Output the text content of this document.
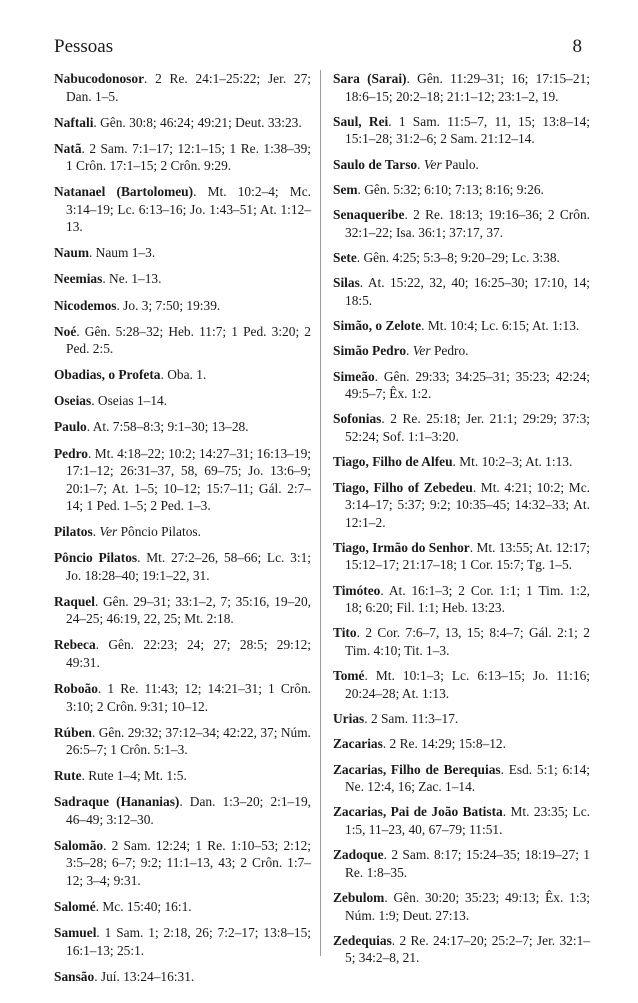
Pessoas	8
Nabucodonosor. 2 Re. 24:1–25:22; Jer. 27; Dan. 1–5.
Naftali. Gên. 30:8; 46:24; 49:21; Deut. 33:23.
Natã. 2 Sam. 7:1–17; 12:1–15; 1 Re. 1:38–39; 1 Crôn. 17:1–15; 2 Crôn. 9:29.
Natanael (Bartolomeu). Mt. 10:2–4; Mc. 3:14–19; Lc. 6:13–16; Jo. 1:43–51; At. 1:12–13.
Naum. Naum 1–3.
Neemias. Ne. 1–13.
Nicodemos. Jo. 3; 7:50; 19:39.
Noé. Gên. 5:28–32; Heb. 11:7; 1 Ped. 3:20; 2 Ped. 2:5.
Obadias, o Profeta. Oba. 1.
Oseias. Oseias 1–14.
Paulo. At. 7:58–8:3; 9:1–30; 13–28.
Pedro. Mt. 4:18–22; 10:2; 14:27–31; 16:13–19; 17:1–12; 26:31–37, 58, 69–75; Jo. 13:6–9; 20:1–7; At. 1–5; 10–12; 15:7–11; Gál. 2:7–14; 1 Ped. 1–5; 2 Ped. 1–3.
Pilatos. Ver Pôncio Pilatos.
Pôncio Pilatos. Mt. 27:2–26, 58–66; Lc. 3:1; Jo. 18:28–40; 19:1–22, 31.
Raquel. Gên. 29–31; 33:1–2, 7; 35:16, 19–20, 24–25; 46:19, 22, 25; Mt. 2:18.
Rebeca. Gên. 22:23; 24; 27; 28:5; 29:12; 49:31.
Roboão. 1 Re. 11:43; 12; 14:21–31; 1 Crôn. 3:10; 2 Crôn. 9:31; 10–12.
Rúben. Gên. 29:32; 37:12–34; 42:22, 37; Núm. 26:5–7; 1 Crôn. 5:1–3.
Rute. Rute 1–4; Mt. 1:5.
Sadraque (Hananias). Dan. 1:3–20; 2:1–19, 46–49; 3:12–30.
Salomão. 2 Sam. 12:24; 1 Re. 1:10–53; 2:12; 3:5–28; 6–7; 9:2; 11:1–13, 43; 2 Crôn. 1:7–12; 3–4; 9:31.
Salomé. Mc. 15:40; 16:1.
Samuel. 1 Sam. 1; 2:18, 26; 7:2–17; 13:8–15; 16:1–13; 25:1.
Sansão. Juí. 13:24–16:31.
Sara (Sarai). Gên. 11:29–31; 16; 17:15–21; 18:6–15; 20:2–18; 21:1–12; 23:1–2, 19.
Saul, Rei. 1 Sam. 11:5–7, 11, 15; 13:8–14; 15:1–28; 31:2–6; 2 Sam. 21:12–14.
Saulo de Tarso. Ver Paulo.
Sem. Gên. 5:32; 6:10; 7:13; 8:16; 9:26.
Senaqueribe. 2 Re. 18:13; 19:16–36; 2 Crôn. 32:1–22; Isa. 36:1; 37:17, 37.
Sete. Gên. 4:25; 5:3–8; 9:20–29; Lc. 3:38.
Silas. At. 15:22, 32, 40; 16:25–30; 17:10, 14; 18:5.
Simão, o Zelote. Mt. 10:4; Lc. 6:15; At. 1:13.
Simão Pedro. Ver Pedro.
Simeão. Gên. 29:33; 34:25–31; 35:23; 42:24; 49:5–7; Êx. 1:2.
Sofonias. 2 Re. 25:18; Jer. 21:1; 29:29; 37:3; 52:24; Sof. 1:1–3:20.
Tiago, Filho de Alfeu. Mt. 10:2–3; At. 1:13.
Tiago, Filho of Zebedeu. Mt. 4:21; 10:2; Mc. 3:14–17; 5:37; 9:2; 10:35–45; 14:32–33; At. 12:1–2.
Tiago, Irmão do Senhor. Mt. 13:55; At. 12:17; 15:12–17; 21:17–18; 1 Cor. 15:7; Tg. 1–5.
Timóteo. At. 16:1–3; 2 Cor. 1:1; 1 Tim. 1:2, 18; 6:20; Fil. 1:1; Heb. 13:23.
Tito. 2 Cor. 7:6–7, 13, 15; 8:4–7; Gál. 2:1; 2 Tim. 4:10; Tit. 1–3.
Tomé. Mt. 10:1–3; Lc. 6:13–15; Jo. 11:16; 20:24–28; At. 1:13.
Urias. 2 Sam. 11:3–17.
Zacarias. 2 Re. 14:29; 15:8–12.
Zacarias, Filho de Berequias. Esd. 5:1; 6:14; Ne. 12:4, 16; Zac. 1–14.
Zacarias, Pai de João Batista. Mt. 23:35; Lc. 1:5, 11–23, 40, 67–79; 11:51.
Zadoque. 2 Sam. 8:17; 15:24–35; 18:19–27; 1 Re. 1:8–35.
Zebulom. Gên. 30:20; 35:23; 49:13; Êx. 1:3; Núm. 1:9; Deut. 27:13.
Zedequias. 2 Re. 24:17–20; 25:2–7; Jer. 32:1–5; 34:2–8, 21.
